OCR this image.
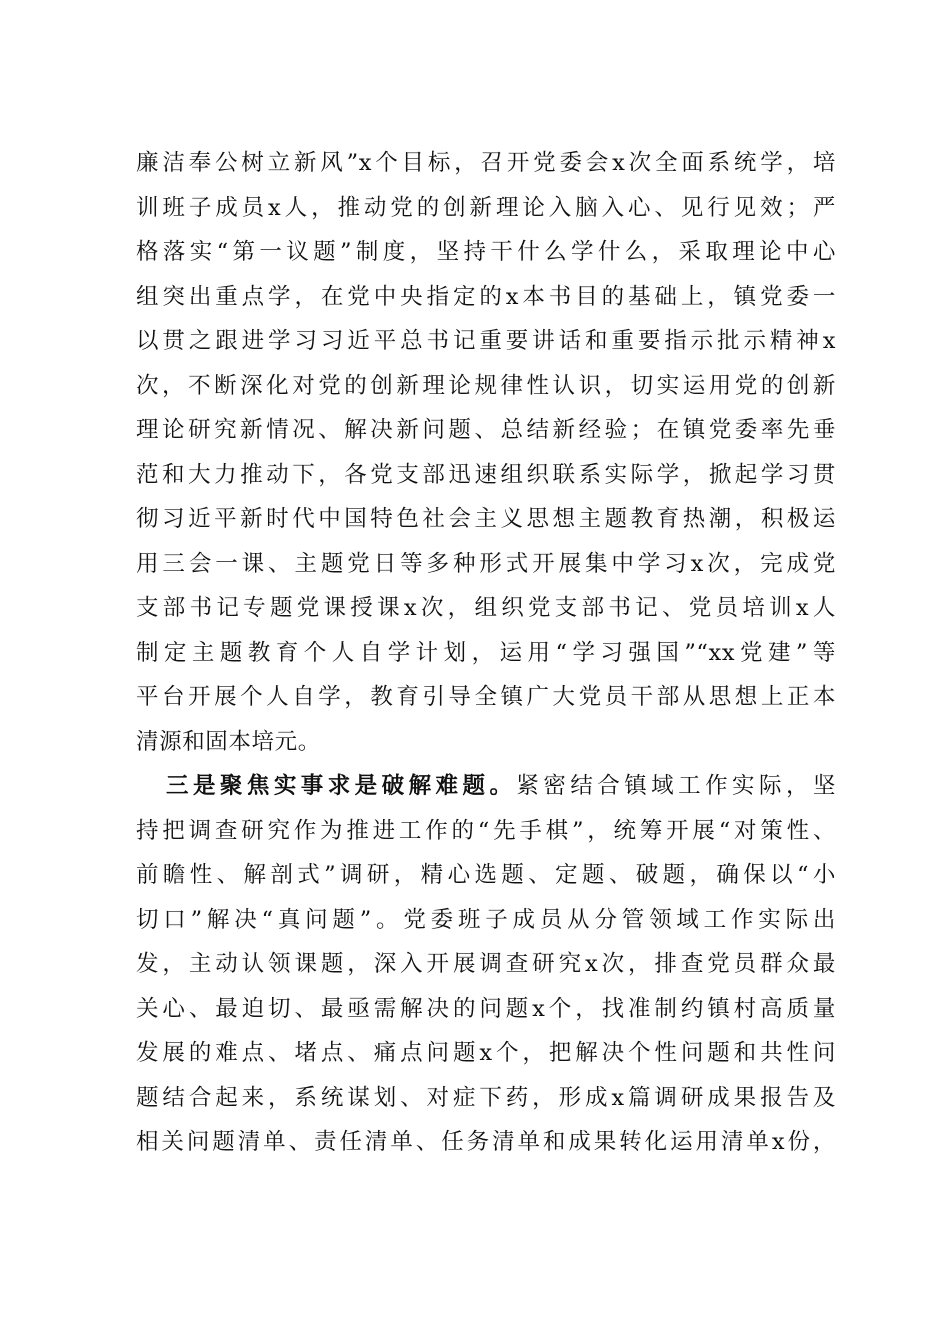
廉洁奉公树立新风”x个目标，召开党委会x次全面系统学，培
训班子成员x人，推动党的创新理论入脑入心、见行见效；严
格落实“第一议题”制度，坚持干什么学什么，采取理论中心
组突出重点学，在党中央指定的x本书目的基础上，镇党委一
以贯之跟进学习习近平总书记重要讲话和重要指示批示精神x
次，不断深化对党的创新理论规律性认识，切实运用党的创新
理论研究新情况、解决新问题、总结新经验；在镇党委率先垂
范和大力推动下，各党支部迅速组织联系实际学，掀起学习贯
彻习近平新时代中国特色社会主义思想主题教育热潮，积极运
用三会一课、主题党日等多种形式开展集中学习x次，完成党
支部书记专题党课授课x次，组织党支部书记、党员培训x人
制定主题教育个人自学计划，运用“学习强国”“xx党建”等
平台开展个人自学，教育引导全镇广大党员干部从思想上正本
清源和固本培元。
三是聚焦实事求是破解难题。紧密结合镇域工作实际，坚
持把调查研究作为推进工作的“先手棋”，统筹开展“对策性、
前瞻性、解剖式”调研，精心选题、定题、破题，确保以“小
切口”解决“真问题”。党委班子成员从分管领域工作实际出
发，主动认领课题，深入开展调查研究x次，排查党员群众最
关心、最迫切、最亟需解决的问题x个，找准制约镇村高质量
发展的难点、堵点、痛点问题x个，把解决个性问题和共性问
题结合起来，系统谋划、对症下药，形成x篇调研成果报告及
相关问题清单、责任清单、任务清单和成果转化运用清单x份，
